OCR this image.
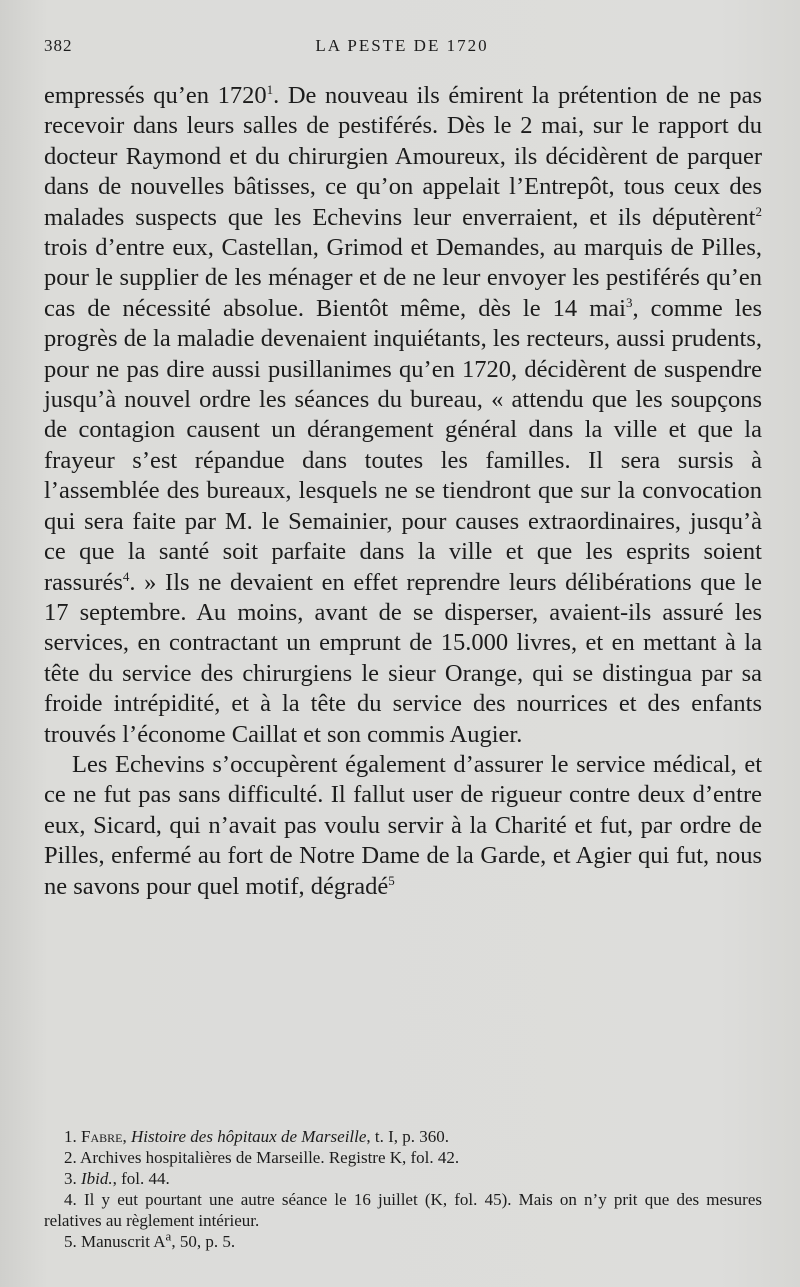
382	LA PESTE DE 1720

empressés qu’en 1720$^1$. De nouveau ils émirent la prétention de ne pas recevoir dans leurs salles de pestiférés. Dès le 2 mai, sur le rapport du docteur Raymond et du chirurgien Amoureux, ils décidèrent de parquer dans de nouvelles bâtisses, ce qu’on appelait l’Entrepôt, tous ceux des malades suspects que les Echevins leur enverraient, et ils députèrent$^2$ trois d’entre eux, Castellan, Grimod et Demandes, au marquis de Pilles, pour le supplier de les ménager et de ne leur envoyer les pestiférés qu’en cas de nécessité absolue. Bientôt même, dès le 14 mai$^3$, comme les progrès de la maladie devenaient inquiétants, les recteurs, aussi prudents, pour ne pas dire aussi pusillanimes qu’en 1720, décidèrent de suspendre jusqu’à nouvel ordre les séances du bureau, « attendu que les soupçons de contagion causent un dérangement général dans la ville et que la frayeur s’est répandue dans toutes les familles. Il sera sursis à l’assemblée des bureaux, lesquels ne se tiendront que sur la convocation qui sera faite par M. le Semainier, pour causes extraordinaires, jusqu’à ce que la santé soit parfaite dans la ville et que les esprits soient rassurés$^4$. » Ils ne devaient en effet reprendre leurs délibérations que le 17 septembre. Au moins, avant de se disperser, avaient-ils assuré les services, en contractant un emprunt de 15.000 livres, et en mettant à la tête du service des chirurgiens le sieur Orange, qui se distingua par sa froide intrépidité, et à la tête du service des nourrices et des enfants trouvés l’économe Caillat et son commis Augier.

Les Echevins s’occupèrent également d’assurer le service médical, et ce ne fut pas sans difficulté. Il fallut user de rigueur contre deux d’entre eux, Sicard, qui n’avait pas voulu servir à la Charité et fut, par ordre de Pilles, enfermé au fort de Notre Dame de la Garde, et Agier qui fut, nous ne savons pour quel motif, dégradé$^5$

1. Fabre, Histoire des hôpitaux de Marseille, t. I, p. 360.

2. Archives hospitalières de Marseille. Registre K, fol. 42.

3. Ibid., fol. 44.

4. Il y eut pourtant une autre séance le 16 juillet (K, fol. 45). Mais on n’y prit que des mesures relatives au règlement intérieur.

5. Manuscrit $A^a$, 50, p. 5.
